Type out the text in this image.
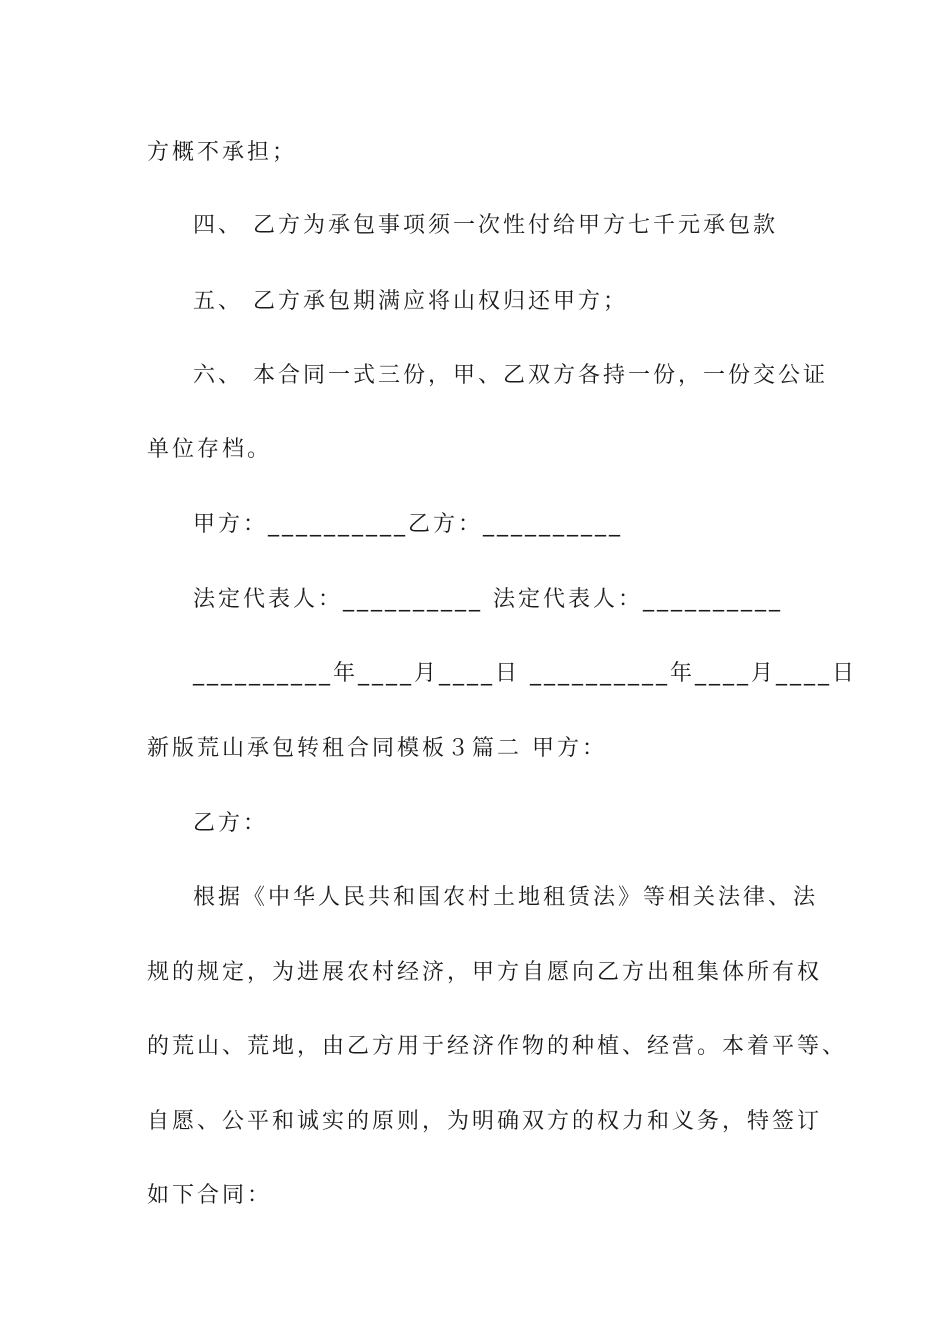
方概不承担；
四、 乙方为承包事项须一次性付给甲方七千元承包款
五、 乙方承包期满应将山权归还甲方；
六、 本合同一式三份，甲、乙双方各持一份，一份交公证
单位存档。
甲方：__________乙方：__________
法定代表人：__________ 法定代表人：__________
__________年____月____日 __________年____月____日
新版荒山承包转租合同模板３篇二 甲方：
乙方：
根据《中华人民共和国农村土地租赁法》等相关法律、法
规的规定，为进展农村经济，甲方自愿向乙方出租集体所有权
的荒山、荒地，由乙方用于经济作物的种植、经营。本着平等、
自愿、公平和诚实的原则，为明确双方的权力和义务，特签订
如下合同：
